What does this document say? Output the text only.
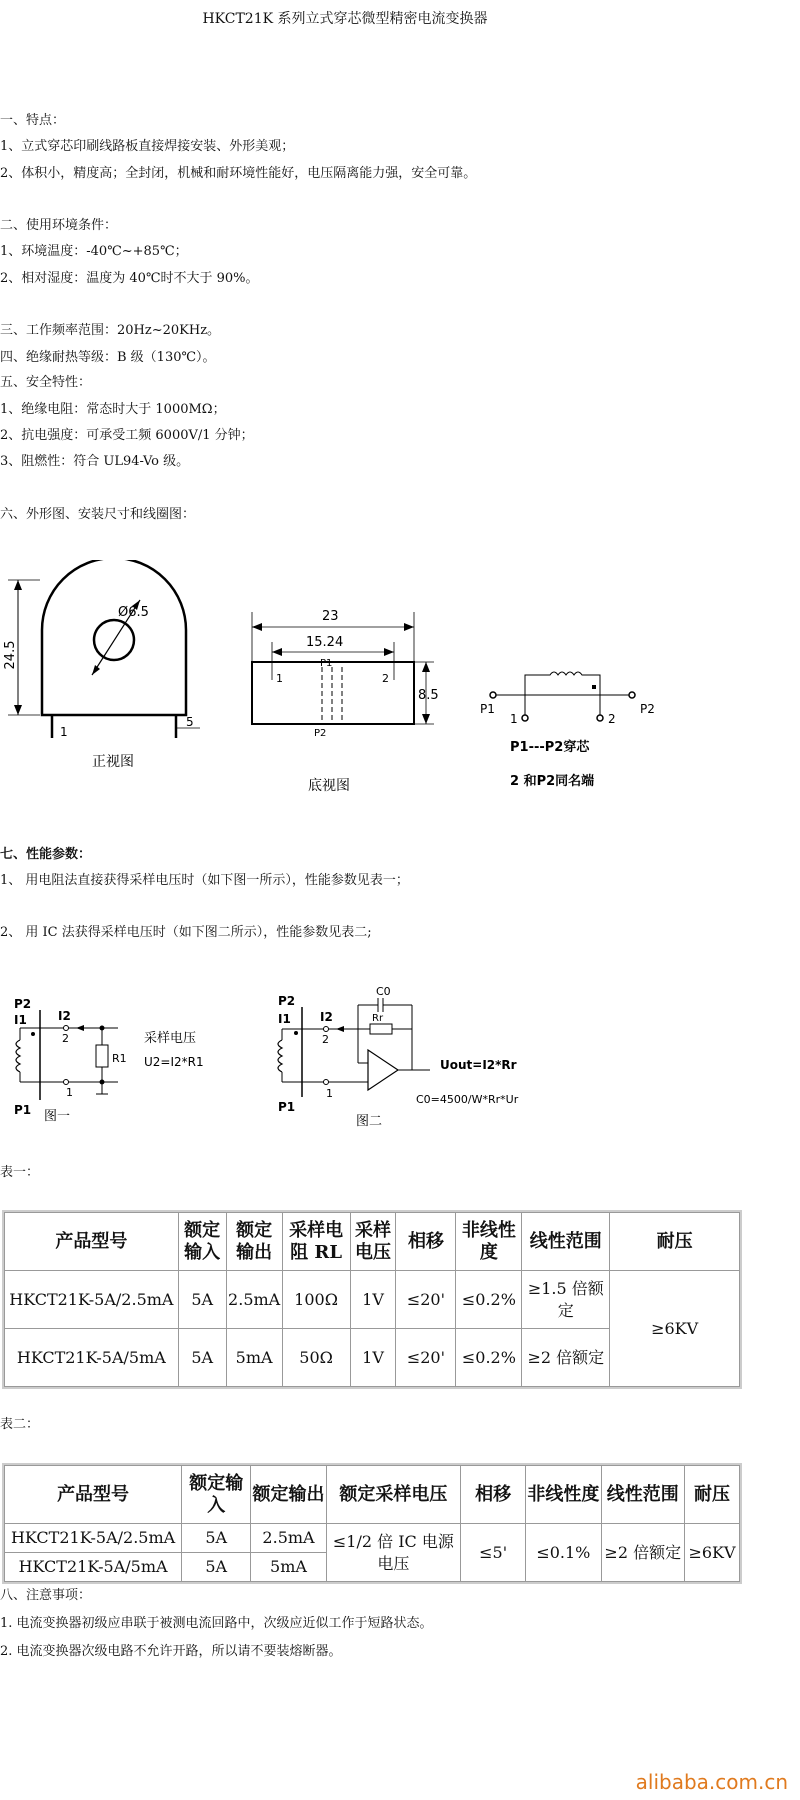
HKCT21K 系列立式穿芯微型精密电流变换器
一、特点：
1、立式穿芯印刷线路板直接焊接安装、外形美观；
2、体积小，精度高；全封闭，机械和耐环境性能好，电压隔离能力强，安全可靠。
二、使用环境条件：
1、环境温度：-40℃~+85℃；
2、相对湿度：温度为 40℃时不大于 90%。
三、工作频率范围：20Hz~20KHz。
四、绝缘耐热等级：B 级（130℃）。
五、安全特性：
1、绝缘电阻：常态时大于 1000MΩ；
2、抗电强度：可承受工频 6000V/1 分钟；
3、阻燃性：符合 UL94-Vo 级。
六、外形图、安装尺寸和线圈图：
24.5
Ø6.5
5
1
正视图
23
15.24
P1
P2
1	2
8.5
底视图
P1	P2
1	2
P1---P2穿芯
2 和P2同名端
七、性能参数：
1、 用电阻法直接获得采样电压时（如下图一所示），性能参数见表一；
2、 用 IC 法获得采样电压时（如下图二所示），性能参数见表二;
P2
I1	I2
2
R1
1
P1
采样电压
U2=I2*R1
图一
P2
I1 I2
C0
Rr
2
1
P1
Uout=I2*Rr
C0=4500/W*Rr*Ur
图二
表一：
产品型号	额定输入	额定输出	采样电阻 RL	采样电压	相移	非线性度	线性范围	耐压
HKCT21K-5A/2.5mA	5A	2.5mA	100Ω	1V	≤20'	≤0.2%	≥1.5 倍额定	≥6KV
HKCT21K-5A/5mA	5A	5mA	50Ω	1V	≤20'	≤0.2%	≥2 倍额定	
表二：
产品型号	额定输入	额定输出	额定采样电压	相移	非线性度	线性范围	耐压
HKCT21K-5A/2.5mA	5A	2.5mA	≤1/2 倍 IC 电源电压	≤5'	≤0.1%	≥2 倍额定	≥6KV
HKCT21K-5A/5mA	5A	5mA					
八、注意事项：
1. 电流变换器初级应串联于被测电流回路中，次级应近似工作于短路状态。
2. 电流变换器次级电路不允许开路，所以请不要装熔断器。
alibaba.com.cn
